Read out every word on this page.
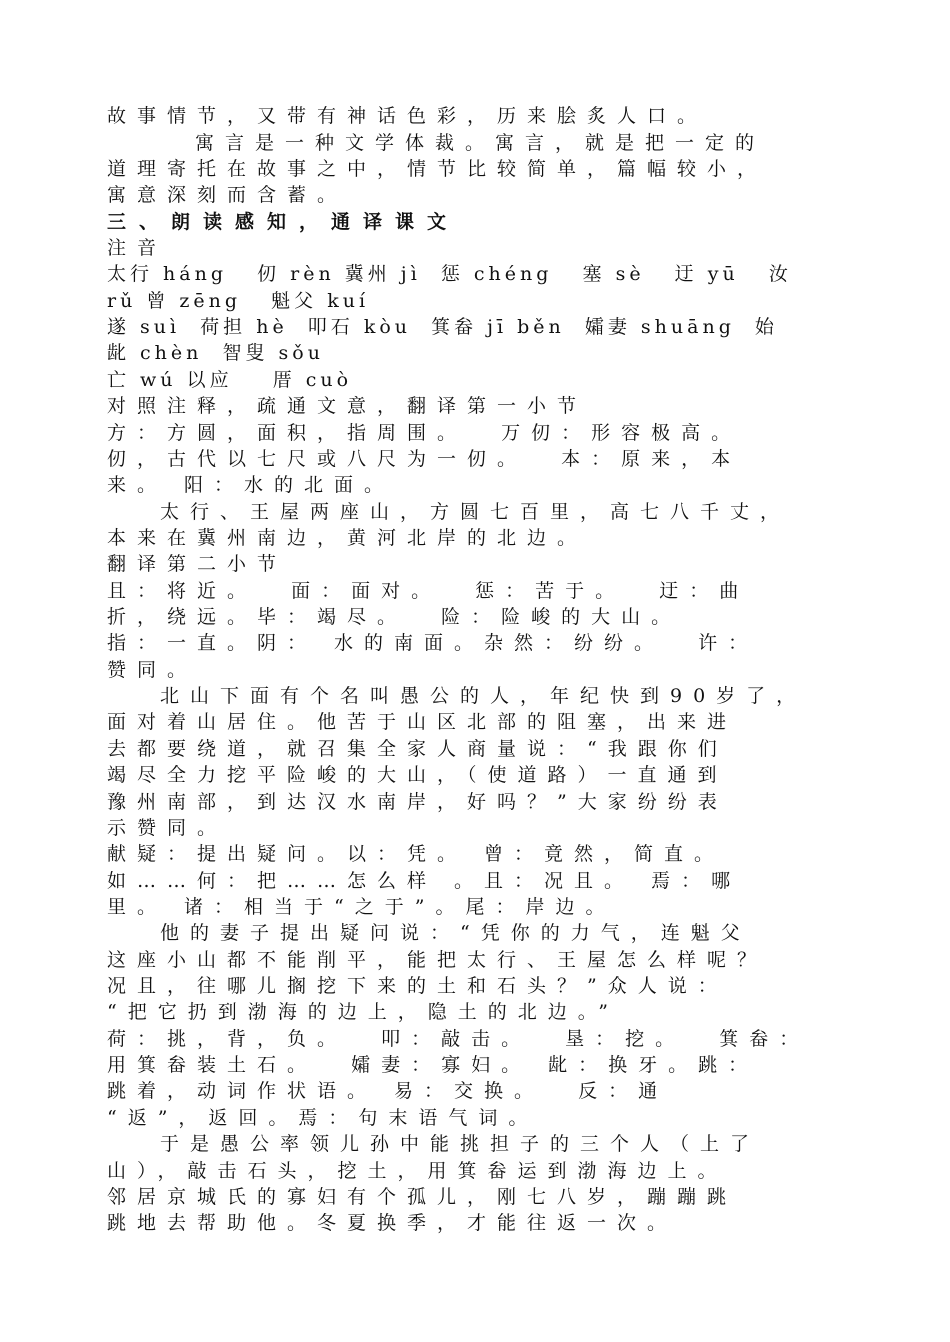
故事情节，又带有神话色彩，历来脍炙人口。
寓言是一种文学体裁。寓言，就是把一定的
道理寄托在故事之中，情节比较简单，篇幅较小，
寓意深刻而含蓄。
三、朗读感知，通译课文
注音
太行 háng   仞 rèn 冀州 jì  惩 chéng   塞 sè   迂 yū   汝
rǔ 曾 zēng   魁父 kuí
遂 suì  荷担 hè  叩石 kòu  箕畚 jī běn  孀妻 shuāng  始
龀 chèn  智叟 sǒu
亡 wú 以应    厝 cuò
对照注释，疏通文意，翻译第一小节
方：方圆，面积，指周围。  万仞：形容极高。
仞，古代以七尺或八尺为一仞。  本：原来，本
来。 阳：水的北面。
太行、王屋两座山，方圆七百里，高七八千丈，
本来在冀州南边，黄河北岸的北边。
翻译第二小节
且：将近。  面：面对。  惩：苦于。  迂：曲
折，绕远。毕：竭尽。  险：险峻的大山。
指：一直。阴： 水的南面。杂然：纷纷。  许：
赞同。
北山下面有个名叫愚公的人，年纪快到90岁了，
面对着山居住。他苦于山区北部的阻塞，出来进
去都要绕道，就召集全家人商量说：“我跟你们
竭尽全力挖平险峻的大山，（使道路）一直通到
豫州南部，到达汉水南岸，好吗？”大家纷纷表
示赞同。
献疑：提出疑问。以：凭。 曾：竟然，简直。
如……何：把……怎么样 。且：况且。 焉：哪
里。 诸：相当于“之于”。尾：岸边。
他的妻子提出疑问说：“凭你的力气，连魁父
这座小山都不能削平，能把太行、王屋怎么样呢？
况且，往哪儿搁挖下来的土和石头？”众人说：
“把它扔到渤海的边上，隐土的北边。”
荷：挑，背，负。  叩：敲击。  垦：挖。  箕畚：
用箕畚装土石。  孀妻：寡妇。 龀：换牙。跳：
跳着，动词作状语。 易：交换。  反：通
“返”，返回。焉：句末语气词。
于是愚公率领儿孙中能挑担子的三个人（上了
山），敲击石头，挖土，用箕畚运到渤海边上。
邻居京城氏的寡妇有个孤儿，刚七八岁，蹦蹦跳
跳地去帮助他。冬夏换季，才能往返一次。
